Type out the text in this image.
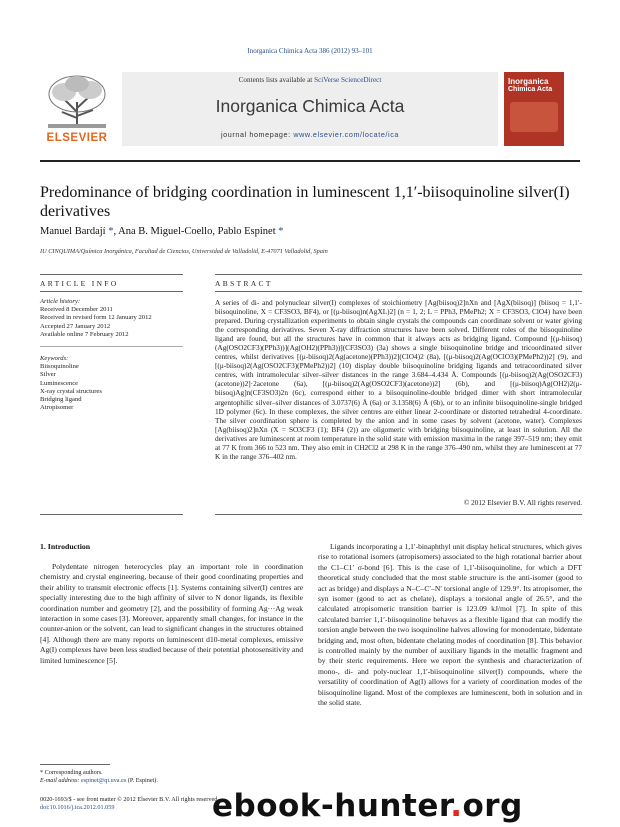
Inorganica Chimica Acta 386 (2012) 93–101
ELSEVIER
Contents lists available at SciVerse ScienceDirect
Inorganica Chimica Acta
journal homepage: www.elsevier.com/locate/ica
Inorganica
Chimica Acta
Predominance of bridging coordination in luminescent 1,1′-biisoquinoline silver(I) derivatives
Manuel Bardají *, Ana B. Miguel-Coello, Pablo Espinet *
IU CINQUIMA/Química Inorgánica, Facultad de Ciencias, Universidad de Valladolid, E-47071 Valladolid, Spain
ARTICLE INFO	ABSTRACT
Article history:
Received 8 December 2011
Received in revised form 12 January 2012
Accepted 27 January 2012
Available online 7 February 2012
Keywords:
Biisoquinoline
Silver
Luminescence
X-ray crystal structures
Bridging ligand
Atropisomer
A series of di- and polynuclear silver(I) complexes of stoichiometry [Ag(biisoq)2]nXn and [AgX(biisoq)] (biisoq = 1,1′-biisoquinoline, X = CF3SO3, BF4), or [(μ-biisoq)n(AgXL)2] (n = 1, 2; L = PPh3, PMePh2; X = CF3SO3, ClO4) have been prepared. During crystallization experiments to obtain single crystals the compounds can coordinate solvent or water giving the corresponding derivatives. Seven X-ray diffraction structures have been solved. Different roles of the biisoquinoline ligand are found, but all the structures have in common that it always acts as bridging ligand. Compound [(μ-biisoq)(Ag(OSO2CF3)(PPh3))](Ag(OH2)(PPh3))](CF3SO3) (3a) shows a single biisoquinoline bridge and tricoordinated silver centres, whilst derivatives [(μ-biisoq)2(Ag(acetone)(PPh3))2](ClO4)2 (8a), [(μ-biisoq)2(Ag(OClO3)(PMePh2))2] (9), and [(μ-biisoq)2(Ag(OSO2CF3)(PMePh2))2] (10) display double biisoquinoline bridging ligands and tetracoordinated silver centres, with intramolecular silver–silver distances in the range 3.684–4.434 Å. Compounds [(μ-biisoq)2(Ag(OSO2CF3)(acetone))2]·2acetone (6a), [(μ-biisoq)2(Ag(OSO2CF3)(acetone))2] (6b), and [(μ-biisoq)Ag(OH2)2(μ-biisoq)Ag]n(CF3SO3)2n (6c), correspond either to a biisoquinoline-double bridged dimer with short intramolecular argentophilic silver–silver distances of 3.0737(6) Å (6a) or 3.1358(6) Å (6b), or to an infinite biisoquinoline-single bridged 1D polymer (6c). In these complexes, the silver centres are either linear 2-coordinate or distorted tetrahedral 4-coordinate. The silver coordination sphere is completed by the anion and in some cases by solvent (acetone, water). Complexes [Ag(biisoq)2]nXn (X = SO3CF3 (1); BF4 (2)) are oligomeric with bridging biisoquinoline, at least in solution. All the derivatives are luminescent at room temperature in the solid state with emission maxima in the range 397–519 nm; they emit at 77 K from 366 to 523 nm. They also emit in CH2Cl2 at 298 K in the range 376–490 nm, whilst they are luminescent at 77 K in the range 376–402 nm.
© 2012 Elsevier B.V. All rights reserved.
1. Introduction
Polydentate nitrogen heterocycles play an important role in coordination chemistry and crystal engineering, because of their good coordinating properties and their ability to transmit electronic effects [1]. Systems containing silver(I) centres are specially interesting due to the high affinity of silver to N donor ligands, its flexible coordination number and geometry [2], and the possibility of forming Ag···Ag weak interaction in some cases [3]. Moreover, apparently small changes, for instance in the counter-anion or the solvent, can lead to significant changes in the structures obtained [4]. Although there are many reports on luminescent d10-metal complexes, emissive Ag(I) complexes have been less studied because of their potential photosensitivity and limited luminescence [5].
Ligands incorporating a 1,1′-binaphthyl unit display helical structures, which gives rise to rotational isomers (atropisomers) associated to the high rotational barrier about the C1–C1′ σ-bond [6]. This is the case of 1,1′-biisoquinoline, for which a DFT theoretical study concluded that the most stable structure is the anti-isomer (good to act as bridge) and displays a N–C–C′–N′ torsional angle of 129.9°. Its atropisomer, the syn isomer (good to act as chelate), displays a torsional angle of 26.5°, and the calculated atropisomeric transition barrier is 123.09 kJ/mol [7]. In spite of this calculated barrier 1,1′-biisoquinoline behaves as a flexible ligand that can modify the torsion angle between the two isoquinoline halves allowing for monodentate, bidentate bridging and, most often, bidentate chelating modes of coordination [8]. This behavior is controlled mainly by the number of auxiliary ligands in the metallic fragment and by their steric requirements. Here we report the synthesis and characterization of mono-, di- and poly-nuclear 1,1′-biisoquinoline silver(I) compounds, where the versatility of coordination of Ag(I) allows for a variety of coordination modes of the biisoquinoline ligand. Most of the complexes are luminescent, both in solution and in the solid state.
* Corresponding authors.
E-mail address: espinet@qi.uva.es (P. Espinet).
0020-1693/$ - see front matter © 2012 Elsevier B.V. All rights reserved.
doi:10.1016/j.ica.2012.01.059	ebook-hunter.org
